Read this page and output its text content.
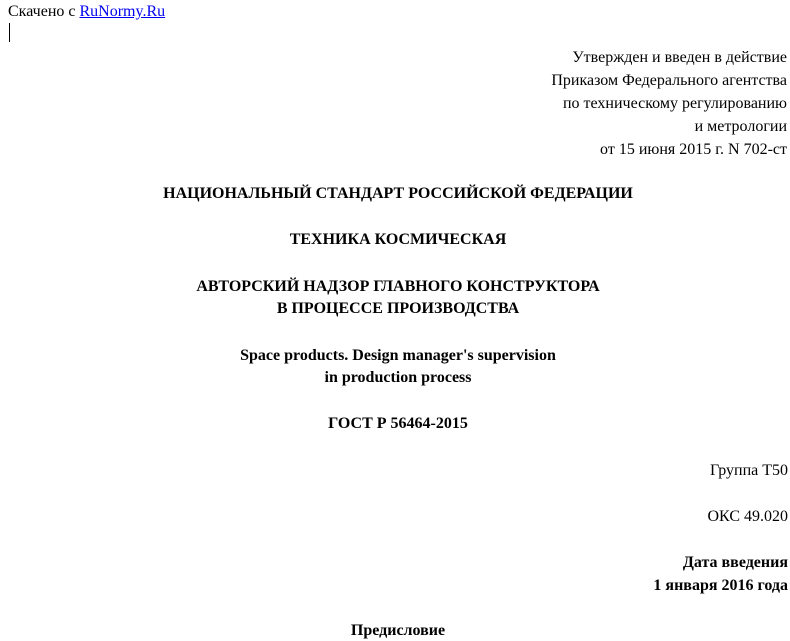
Скачено с RuNormy.Ru
Утвержден и введен в действие
Приказом Федерального агентства
по техническому регулированию
и метрологии
от 15 июня 2015 г. N 702-ст
НАЦИОНАЛЬНЫЙ СТАНДАРТ РОССИЙСКОЙ ФЕДЕРАЦИИ
ТЕХНИКА КОСМИЧЕСКАЯ
АВТОРСКИЙ НАДЗОР ГЛАВНОГО КОНСТРУКТОРА
В ПРОЦЕССЕ ПРОИЗВОДСТВА
Space products. Design manager's supervision
in production process
ГОСТ Р 56464-2015
Группа T50
ОКС 49.020
Дата введения
1 января 2016 года
Предисловие
